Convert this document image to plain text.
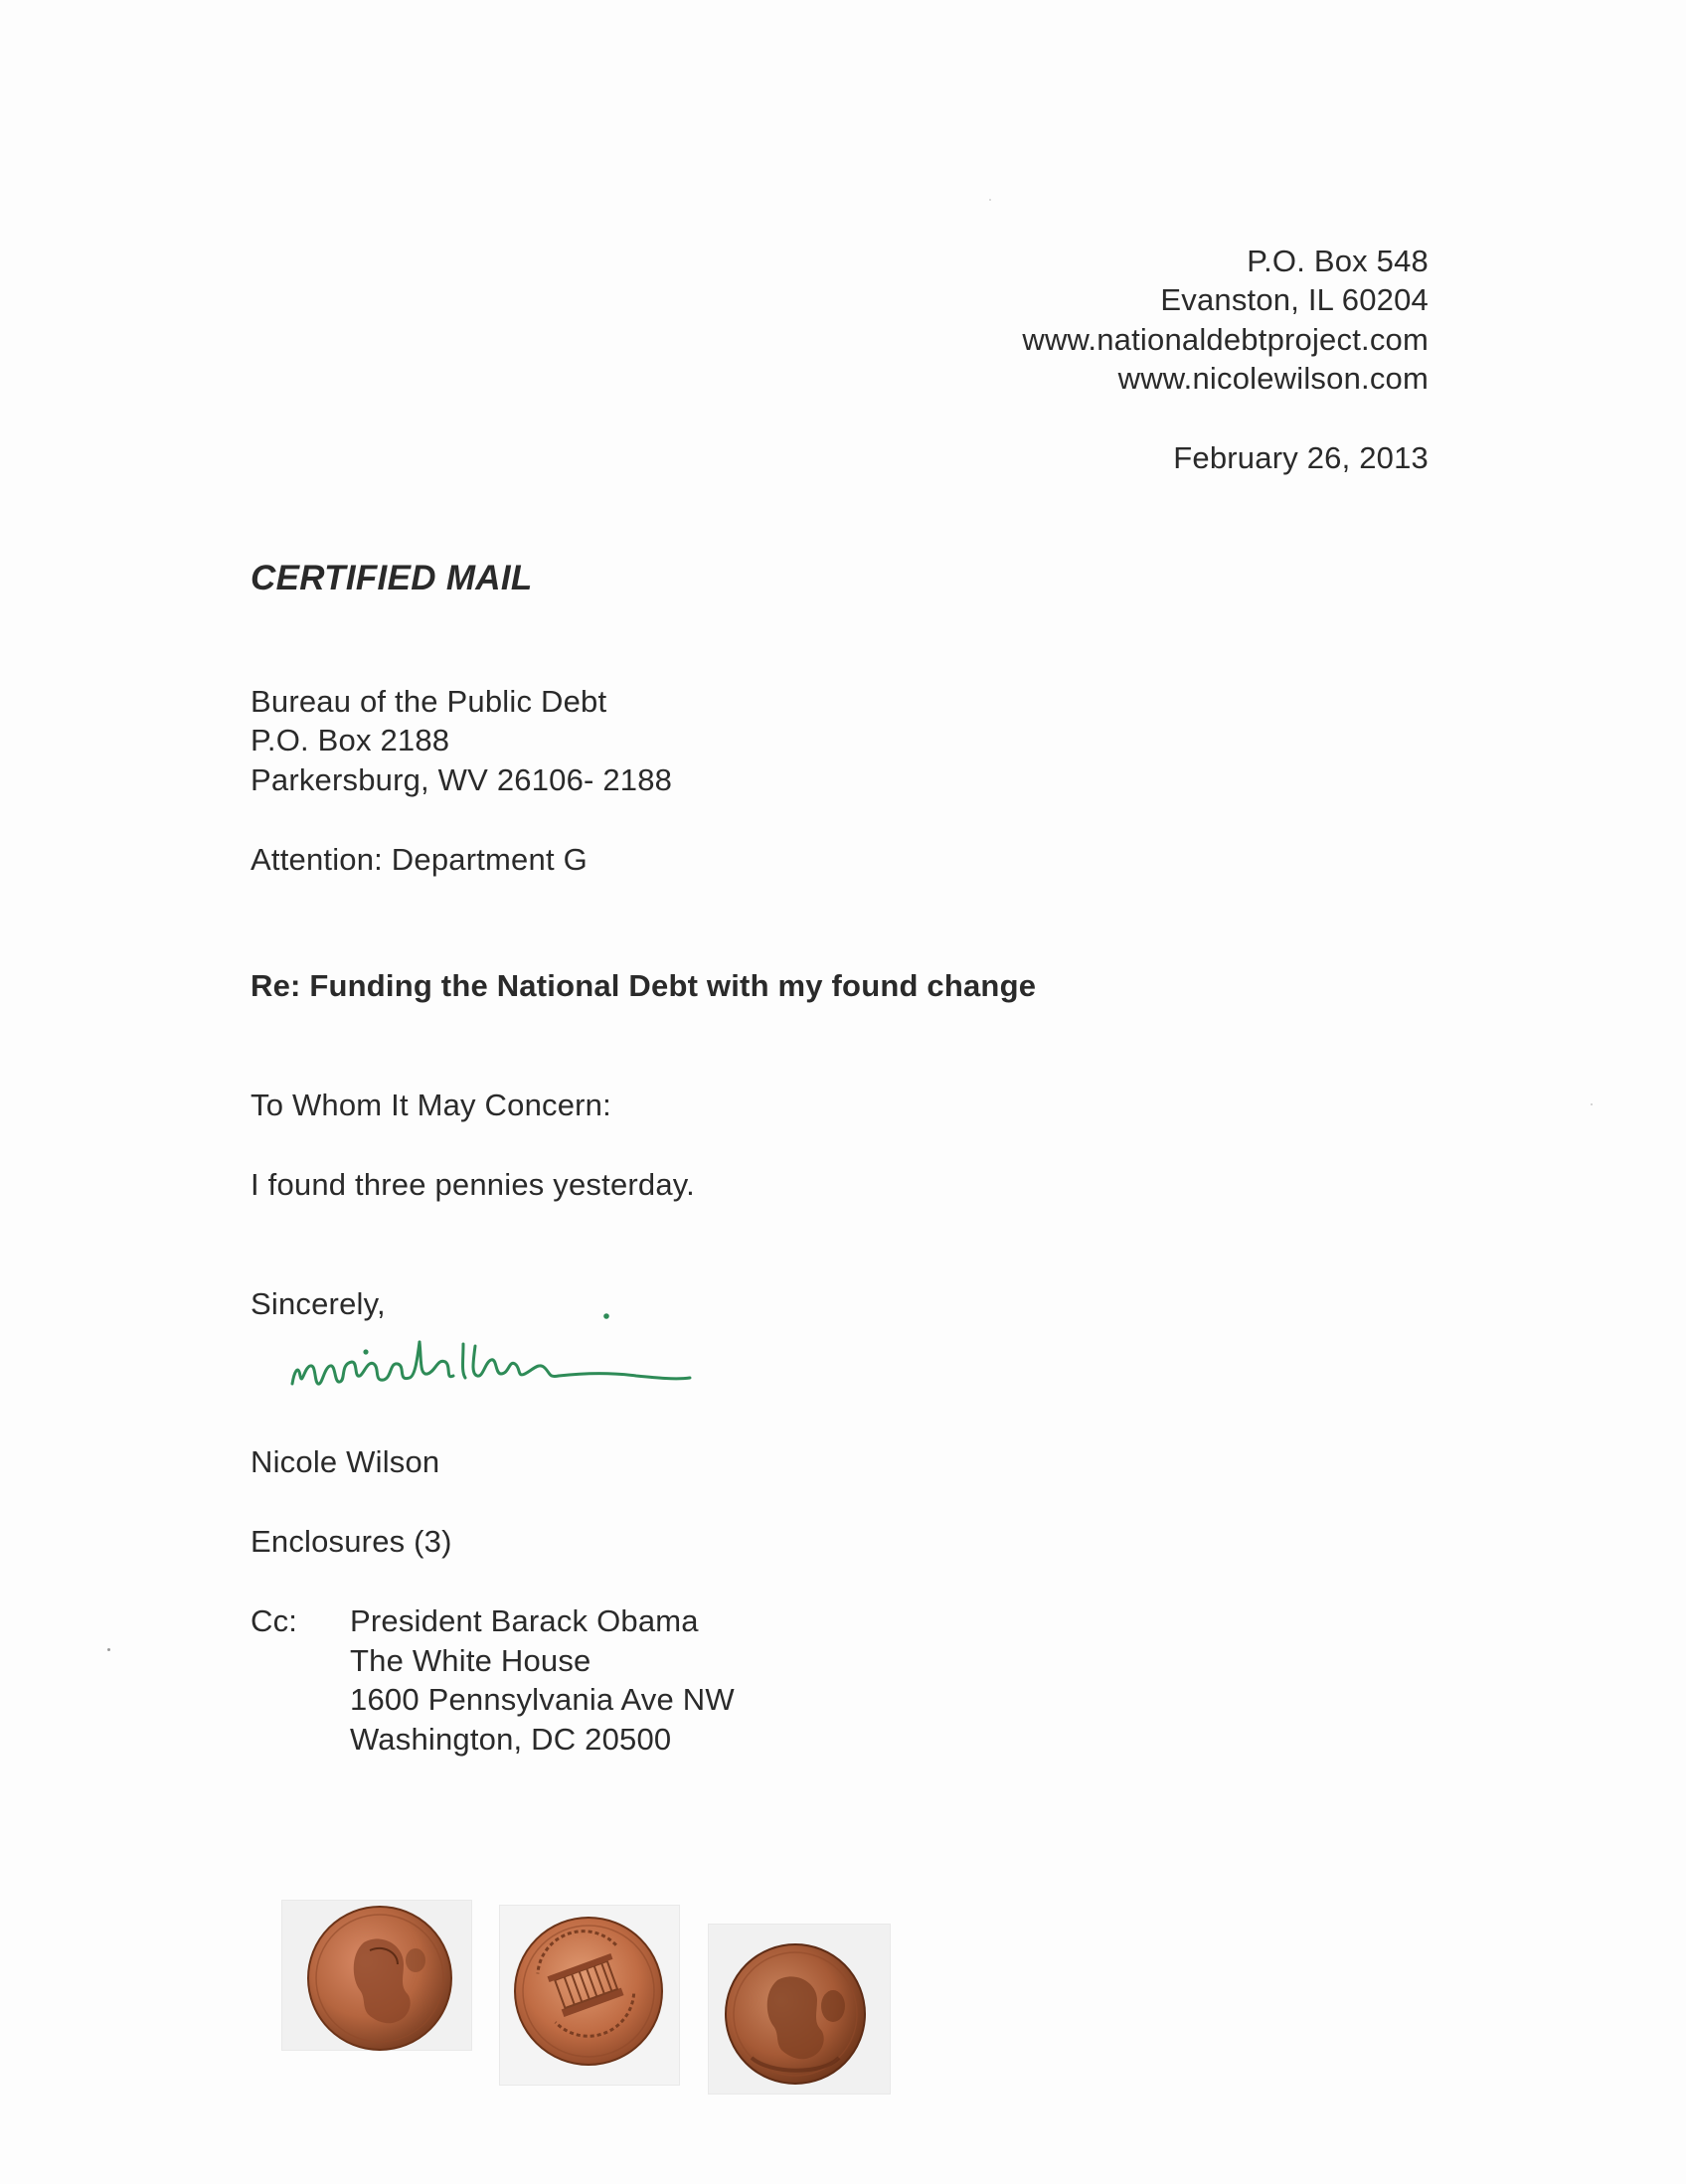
P.O. Box 548
Evanston, IL 60204
www.nationaldebtproject.com
www.nicolewilson.com
February 26, 2013
CERTIFIED MAIL
Bureau of the Public Debt
P.O. Box 2188
Parkersburg, WV 26106- 2188
Attention: Department G
Re: Funding the National Debt with my found change
To Whom It May Concern:
I found three pennies yesterday.
Sincerely,
Nicole Wilson
Enclosures (3)
Cc: President Barack Obama
The White House
1600 Pennsylvania Ave NW
Washington, DC 20500
